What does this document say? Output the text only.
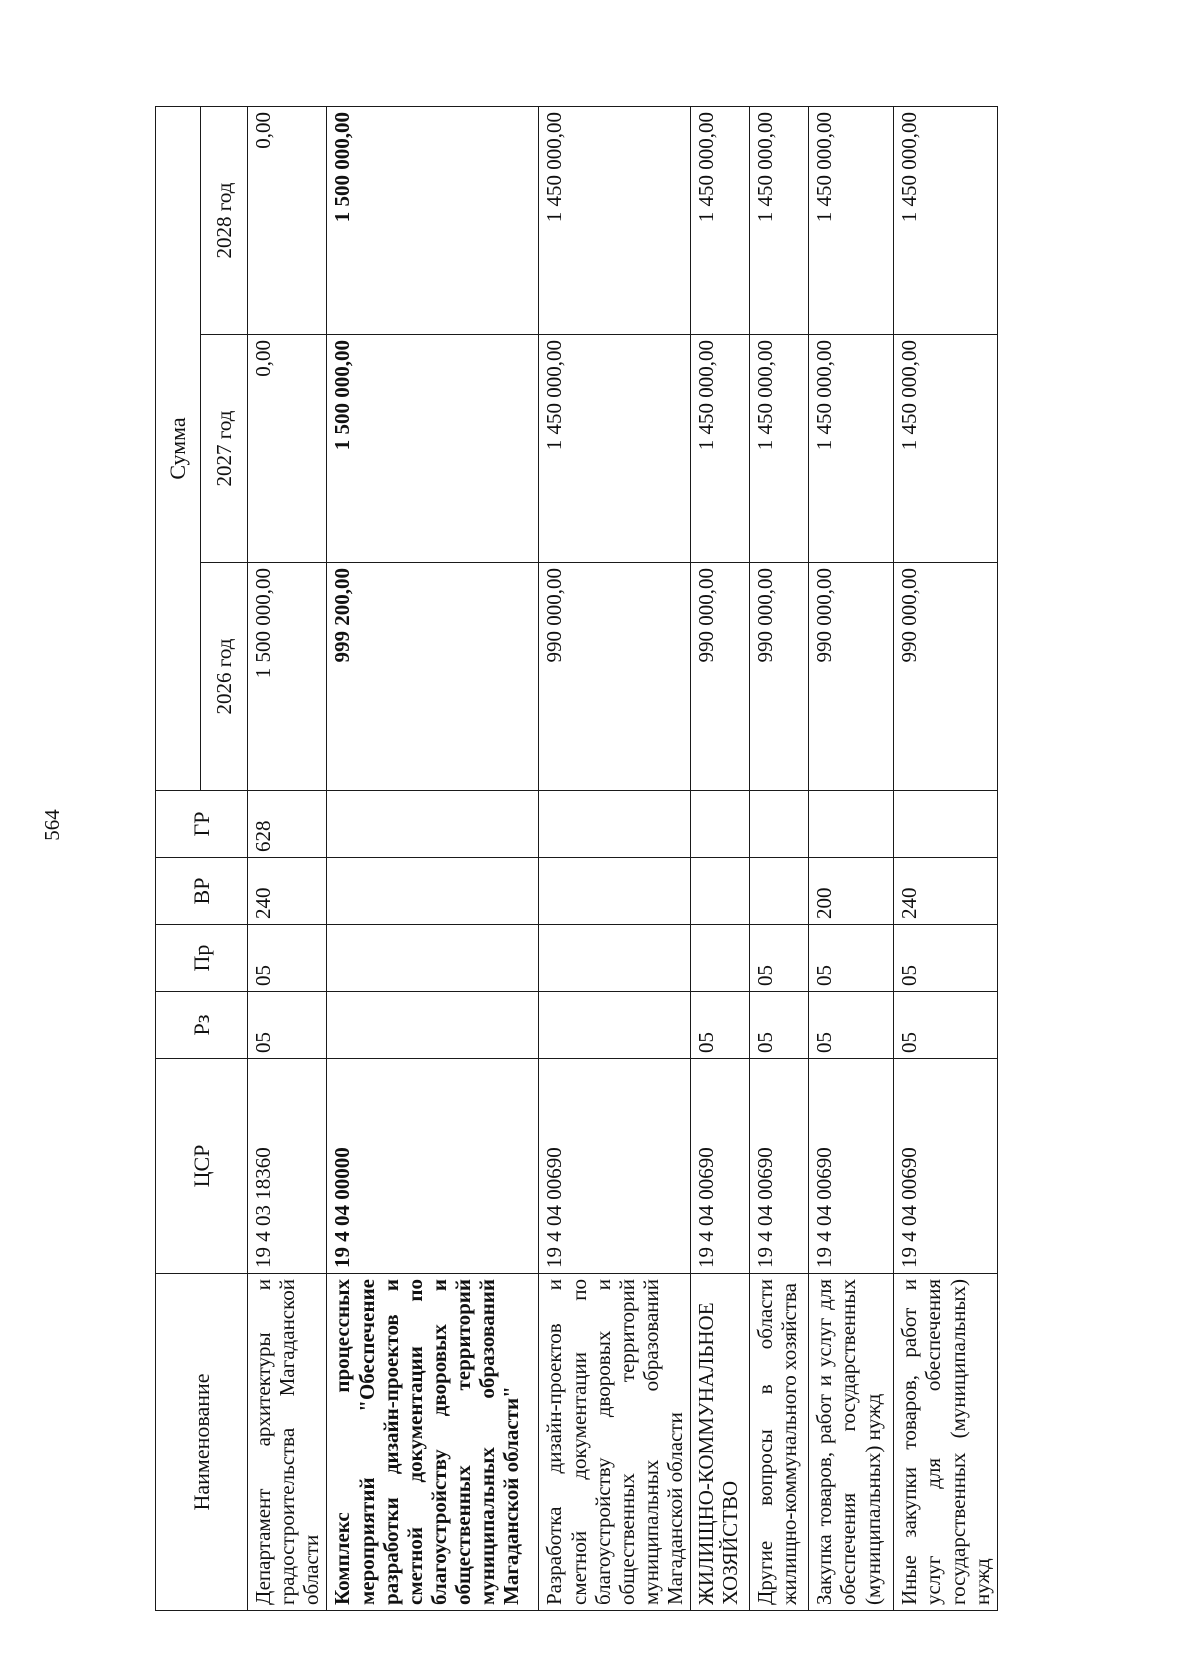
564
Наименование	ЦСР	Рз	Пр	ВР	ГР	Сумма		
						2026 год	2027 год	2028 год
Департамент архитектуры и градостроительства Магаданской области	19 4 03 18360	05	05	240	628	1 500 000,00	0,00	0,00
Комплекс процессных мероприятий "Обеспечение разработки дизайн-проектов и сметной документации по благоустройству дворовых и общественных территорий муниципальных образований Магаданской области"	19 4 04 00000					999 200,00	1 500 000,00	1 500 000,00
Разработка дизайн-проектов и сметной документации по благоустройству дворовых и общественных территорий муниципальных образований Магаданской области	19 4 04 00690					990 000,00	1 450 000,00	1 450 000,00
ЖИЛИЩНО-КОММУНАЛЬНОЕ ХОЗЯЙСТВО	19 4 04 00690	05				990 000,00	1 450 000,00	1 450 000,00
Другие вопросы в области жилищно-коммунального хозяйства	19 4 04 00690	05	05			990 000,00	1 450 000,00	1 450 000,00
Закупка товаров, работ и услуг для обеспечения государственных (муниципальных) нужд	19 4 04 00690	05	05	200		990 000,00	1 450 000,00	1 450 000,00
Иные закупки товаров, работ и услуг для обеспечения государственных (муниципальных) нужд	19 4 04 00690	05	05	240		990 000,00	1 450 000,00	1 450 000,00
